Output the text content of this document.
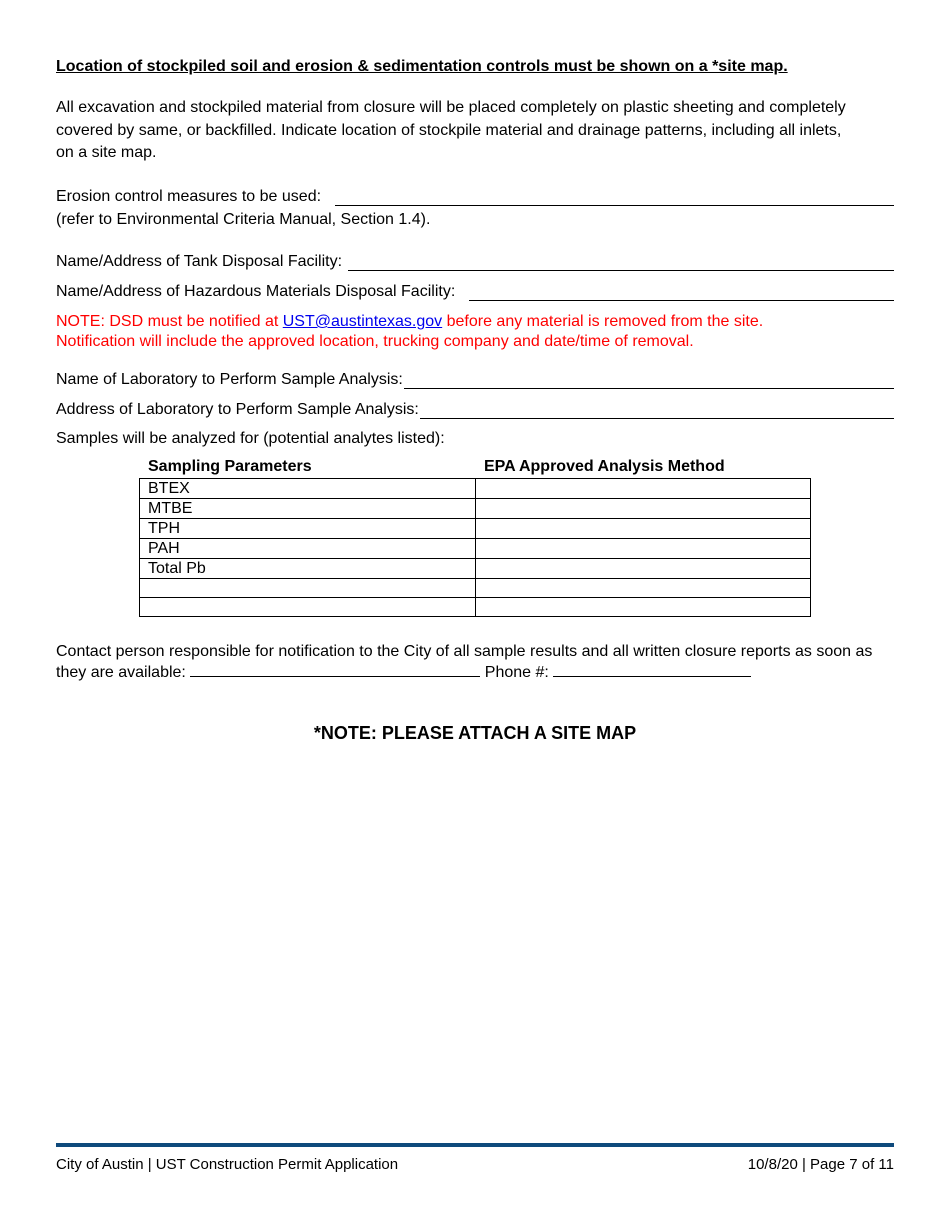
Location of stockpiled soil and erosion & sedimentation controls must be shown on a *site map.
All excavation and stockpiled material from closure will be placed completely on plastic sheeting and completely covered by same, or backfilled. Indicate location of stockpile material and drainage patterns, including all inlets, on a site map.
Erosion control measures to be used:
(refer to Environmental Criteria Manual, Section 1.4).
Name/Address of Tank Disposal Facility:
Name/Address of Hazardous Materials Disposal Facility:
NOTE: DSD must be notified at UST@austintexas.gov before any material is removed from the site.
Notification will include the approved location, trucking company and date/time of removal.
Name of Laboratory to Perform Sample Analysis:
Address of Laboratory to Perform Sample Analysis:
Samples will be analyzed for (potential analytes listed):
Sampling Parameters	EPA Approved Analysis Method
BTEX	
MTBE	
TPH	
PAH	
Total Pb	

Contact person responsible for notification to the City of all sample results and all written closure reports as soon as they are available:	Phone #:
*NOTE: PLEASE ATTACH A SITE MAP
City of Austin | UST Construction Permit Application	10/8/20 | Page 7 of 11
